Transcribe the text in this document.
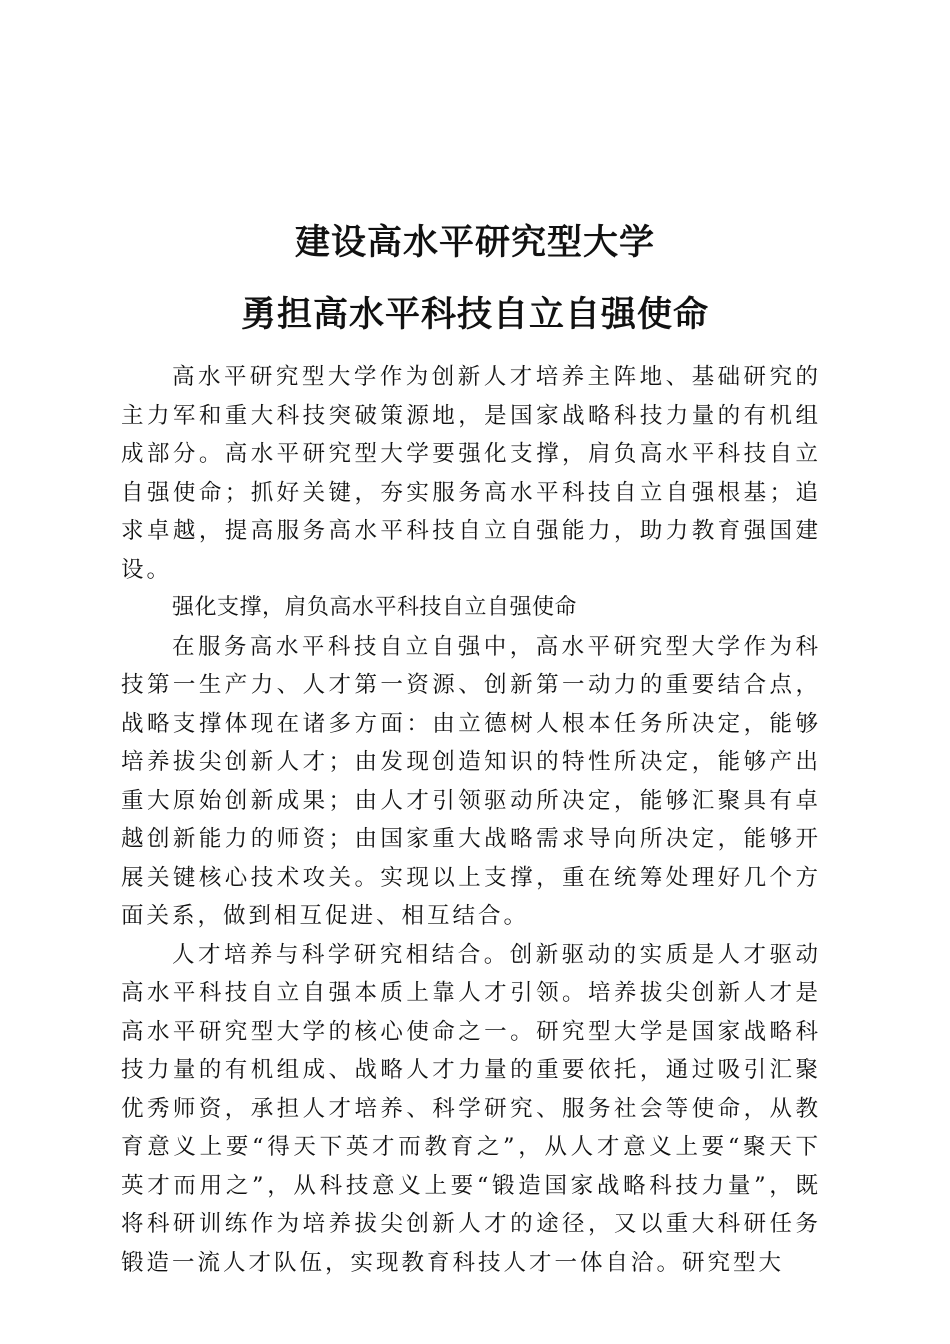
建设高水平研究型大学
勇担高水平科技自立自强使命

高水平研究型大学作为创新人才培养主阵地、基础研究的主力军和重大科技突破策源地，是国家战略科技力量的有机组成部分。高水平研究型大学要强化支撑，肩负高水平科技自立自强使命；抓好关键，夯实服务高水平科技自立自强根基；追求卓越，提高服务高水平科技自立自强能力，助力教育强国建设。

强化支撑，肩负高水平科技自立自强使命

在服务高水平科技自立自强中，高水平研究型大学作为科技第一生产力、人才第一资源、创新第一动力的重要结合点，战略支撑体现在诸多方面：由立德树人根本任务所决定，能够培养拔尖创新人才；由发现创造知识的特性所决定，能够产出重大原始创新成果；由人才引领驱动所决定，能够汇聚具有卓越创新能力的师资；由国家重大战略需求导向所决定，能够开展关键核心技术攻关。实现以上支撑，重在统筹处理好几个方面关系，做到相互促进、相互结合。

人才培养与科学研究相结合。创新驱动的实质是人才驱动高水平科技自立自强本质上靠人才引领。培养拔尖创新人才是高水平研究型大学的核心使命之一。研究型大学是国家战略科技力量的有机组成、战略人才力量的重要依托，通过吸引汇聚优秀师资，承担人才培养、科学研究、服务社会等使命，从教育意义上要“得天下英才而教育之”，从人才意义上要“聚天下英才而用之”，从科技意义上要“锻造国家战略科技力量”，既将科研训练作为培养拔尖创新人才的途径，又以重大科研任务锻造一流人才队伍，实现教育科技人才一体自洽。研究型大
